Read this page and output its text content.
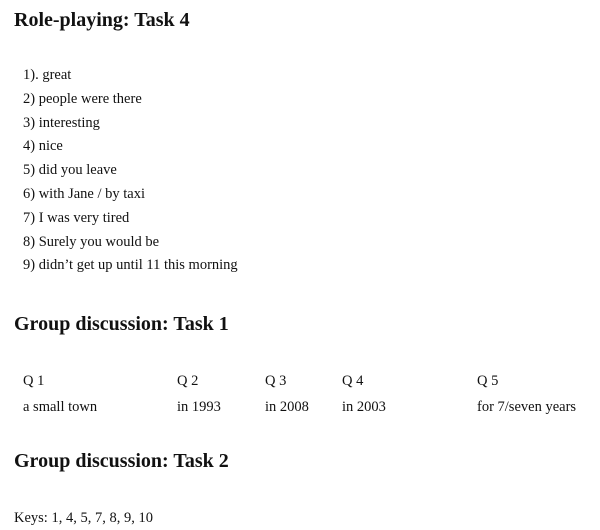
Role-playing: Task 4
1). great
2) people were there
3) interesting
4) nice
5) did you leave
6) with Jane / by taxi
7) I was very tired
8) Surely you would be
9) didn’t get up until 11 this morning
Group discussion: Task 1
Q 1
a small town
Q 2
in 1993
Q 3
in 2008
Q 4
in 2003
Q 5
for 7/seven years
Group discussion: Task 2
Keys: 1, 4, 5, 7, 8, 9, 10
